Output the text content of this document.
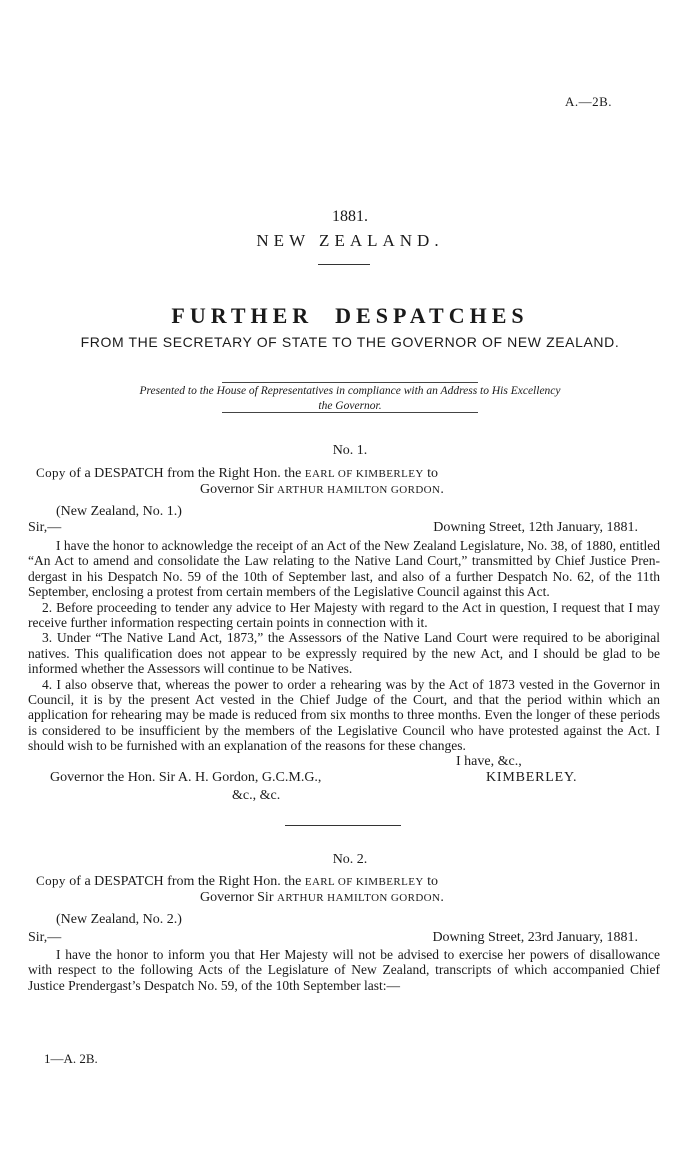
A.—2B.
1881.
NEW ZEALAND.
FURTHER DESPATCHES
FROM THE SECRETARY OF STATE TO THE GOVERNOR OF NEW ZEALAND.
Presented to the House of Representatives in compliance with an Address to His Excellency
the Governor.
No. 1.
Copy of a DESPATCH from the Right Hon. the EARL OF KIMBERLEY to
Governor Sir ARTHUR HAMILTON GORDON.
(New Zealand, No. 1.)
Sir,—	Downing Street, 12th January, 1881.

I have the honor to acknowledge the receipt of an Act of the New Zealand Legislature, No. 38, of 1880, entitled “An Act to amend and consolidate the Law relating to the Native Land Court,” transmitted by Chief Justice Pren-dergast in his Despatch No. 59 of the 10th of September last, and also of a further Despatch No. 62, of the 11th September, enclosing a protest from certain members of the Legislative Council against this Act.

2. Before proceeding to tender any advice to Her Majesty with regard to the Act in question, I request that I may receive further information respecting certain points in connection with it.

3. Under “The Native Land Act, 1873,” the Assessors of the Native Land Court were required to be aboriginal natives. This qualification does not appear to be expressly required by the new Act, and I should be glad to be informed whether the Assessors will continue to be Natives.

4. I also observe that, whereas the power to order a rehearing was by the Act of 1873 vested in the Governor in Council, it is by the present Act vested in the Chief Judge of the Court, and that the period within which an application for rehearing may be made is reduced from six months to three months. Even the longer of these periods is considered to be insufficient by the members of the Legislative Council who have protested against the Act. I should wish to be furnished with an explanation of the reasons for these changes.

I have, &c.,
Governor the Hon. Sir A. H. Gordon, G.C.M.G.,	KIMBERLEY.
&c., &c.
No. 2.
Copy of a DESPATCH from the Right Hon. the EARL OF KIMBERLEY to
Governor Sir ARTHUR HAMILTON GORDON.
(New Zealand, No. 2.)
Sir,—	Downing Street, 23rd January, 1881.

I have the honor to inform you that Her Majesty will not be advised to exercise her powers of disallowance with respect to the following Acts of the Legislature of New Zealand, transcripts of which accompanied Chief Justice Prendergast’s Despatch No. 59, of the 10th September last:—

1—A. 2B.
